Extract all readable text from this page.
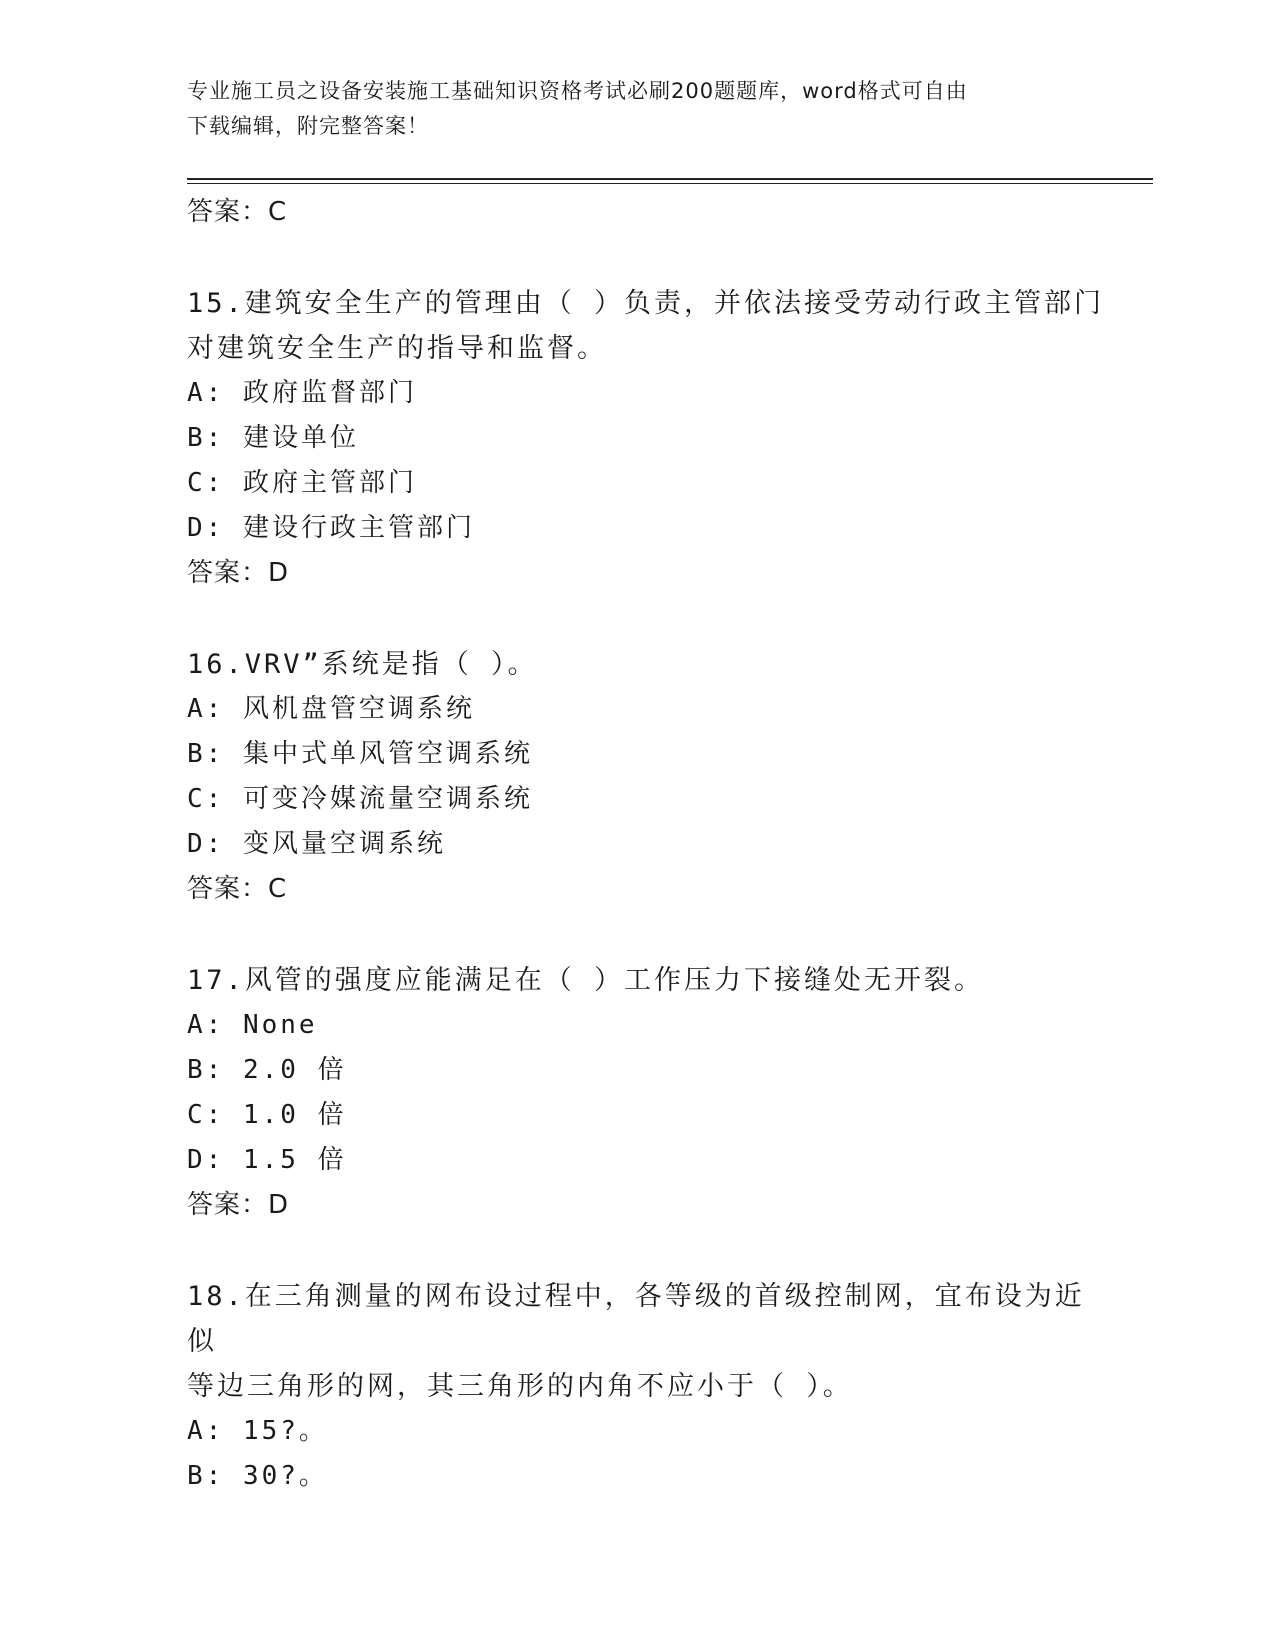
专业施工员之设备安装施工基础知识资格考试必刷200题题库，word格式可自由
下载编辑，附完整答案！
答案：C
15.建筑安全生产的管理由（ ）负责，并依法接受劳动行政主管部门
对建筑安全生产的指导和监督。
A: 政府监督部门
B: 建设单位
C: 政府主管部门
D: 建设行政主管部门
答案：D
16.VRV”系统是指（ ）。
A: 风机盘管空调系统
B: 集中式单风管空调系统
C: 可变冷媒流量空调系统
D: 变风量空调系统
答案：C
17.风管的强度应能满足在（ ）工作压力下接缝处无开裂。
A: None
B: 2.0 倍
C: 1.0 倍
D: 1.5 倍
答案：D
18.在三角测量的网布设过程中，各等级的首级控制网，宜布设为近似
等边三角形的网，其三角形的内角不应小于（ ）。
A: 15?。
B: 30?。
